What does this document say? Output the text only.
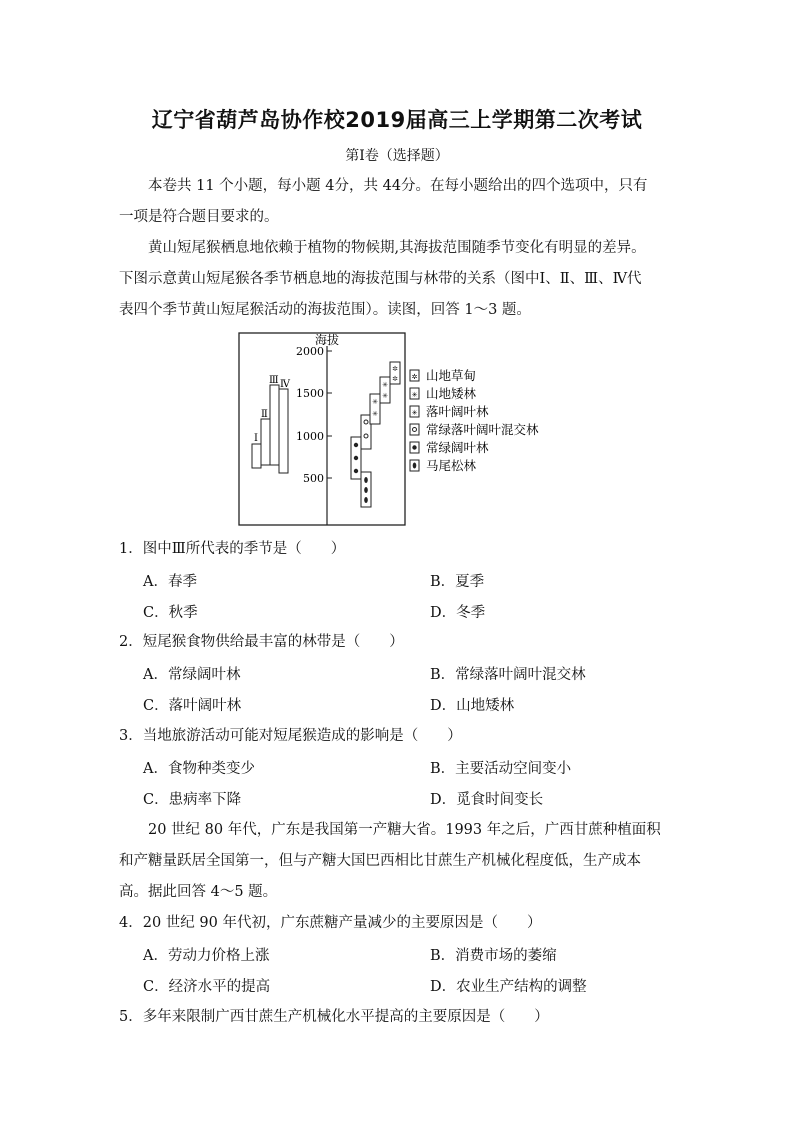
辽宁省葫芦岛协作校2019届高三上学期第二次考试
第Ⅰ卷（选择题）
本卷共 11 个小题，每小题 4分，共 44分。在每小题给出的四个选项中，只有
一项是符合题目要求的。
黄山短尾猴栖息地依赖于植物的物候期,其海拔范围随季节变化有明显的差异。
下图示意黄山短尾猴各季节栖息地的海拔范围与林带的关系（图中Ⅰ、Ⅱ、Ⅲ、Ⅳ代
表四个季节黄山短尾猴活动的海拔范围）。读图，回答 1～3 题。
海拔
2000
1500
1000
500
Ⅰ
Ⅱ
Ⅲ Ⅳ
✳
✳
✳
✳
✲
✲ ✲ 山地草甸
✳ 山地矮林
✳ 落叶阔叶林
常绿落叶阔叶混交林
常绿阔叶林
马尾松林
1．图中Ⅲ所代表的季节是（　　）
A．春季	B．夏季
C．秋季	D．冬季
2．短尾猴食物供给最丰富的林带是（　　）
A．常绿阔叶林	B．常绿落叶阔叶混交林
C．落叶阔叶林	D．山地矮林
3．当地旅游活动可能对短尾猴造成的影响是（　　）
A．食物种类变少	B．主要活动空间变小
C．患病率下降	D．觅食时间变长
20 世纪 80 年代，广东是我国第一产糖大省。1993 年之后，广西甘蔗种植面积
和产糖量跃居全国第一，但与产糖大国巴西相比甘蔗生产机械化程度低，生产成本
高。据此回答 4～5 题。
4．20 世纪 90 年代初，广东蔗糖产量减少的主要原因是（　　）
A．劳动力价格上涨	B．消费市场的萎缩
C．经济水平的提高	D．农业生产结构的调整
5．多年来限制广西甘蔗生产机械化水平提高的主要原因是（　　）
